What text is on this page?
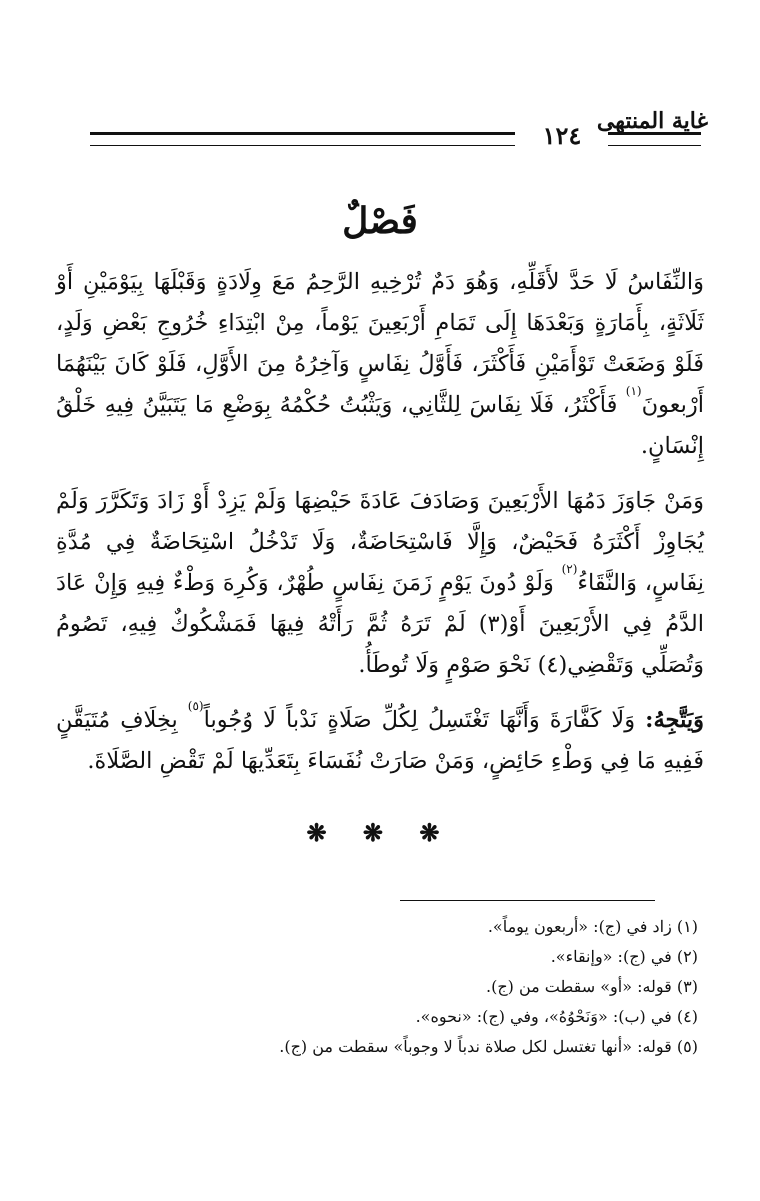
غاية المنتهى
١٢٤
فَصْلٌ

وَالنِّفَاسُ لَا حَدَّ لأَقَلِّهِ، وَهُوَ دَمٌ تُرْخِيهِ الرَّحِمُ مَعَ وِلَادَةٍ وَقَبْلَهَا بِيَوْمَيْنِ أَوْ ثَلَاثَةٍ، بِأَمَارَةٍ وَبَعْدَهَا إِلَى تَمَامِ أَرْبَعِينَ يَوْماً، مِنْ ابْتِدَاءِ خُرُوجِ بَعْضِ وَلَدٍ، فَلَوْ وَضَعَتْ تَوْأَمَيْنِ فَأَكْثَرَ، فَأَوَّلُ نِفَاسٍ وَآخِرُهُ مِنَ الأَوَّلِ، فَلَوْ كَانَ بَيْنَهُمَا أَرْبعونَ$^{(١)}$ فَأَكْثَرُ، فَلَا نِفَاسَ لِلثَّانِي، وَيَثْبُتُ حُكْمُهُ بِوَضْعِ مَا يَتَبَيَّنُ فِيهِ خَلْقُ إِنْسَانٍ.

وَمَنْ جَاوَزَ دَمُهَا الأَرْبَعِينَ وَصَادَفَ عَادَةَ حَيْضِهَا وَلَمْ يَزِدْ أَوْ زَادَ وَتَكَرَّرَ وَلَمْ يُجَاوِزْ أَكْثَرَهُ فَحَيْضٌ، وَإِلَّا فَاسْتِحَاضَةٌ، وَلَا تَدْخُلُ اسْتِحَاضَةٌ فِي مُدَّةِ نِفَاسٍ، وَالنَّقَاءُ$^{(٢)}$ وَلَوْ دُونَ يَوْمٍ زَمَنَ نِفَاسٍ طُهْرٌ، وَكُرِهَ وَطْءٌ فِيهِ وَإِنْ عَادَ الدَّمُ فِي الأَرْبَعِينَ أَوْ(٣) لَمْ تَرَهُ ثُمَّ رَأَتْهُ فِيهَا فَمَشْكُوكٌ فِيهِ، تَصُومُ وَتُصَلِّي وَتَقْضِي(٤) نَحْوَ صَوْمٍ وَلَا تُوطَأُ.

وَيَتَّجِهُ: وَلَا كَفَّارَةَ وَأَنَّهَا تَغْتَسِلُ لِكُلِّ صَلَاةٍ نَدْباً لَا وُجُوباً$^{(٥)}$ بِخِلَافِ مُتَيَقَّنٍ فَفِيهِ مَا فِي وَطْءِ حَائِضٍ، وَمَنْ صَارَتْ نُفَسَاءَ بِتَعَدِّيهَا لَمْ تَقْضِ الصَّلَاةَ.

❋ ❋ ❋

(١) زاد في (ج): «أربعون يوماً».

(٢) في (ج): «وإنقاء».

(٣) قوله: «أو» سقطت من (ج).

(٤) في (ب): «وَنَحْوُهُ»، وفي (ج): «نحوه».

(٥) قوله: «أنها تغتسل لكل صلاة ندباً لا وجوباً» سقطت من (ج).
